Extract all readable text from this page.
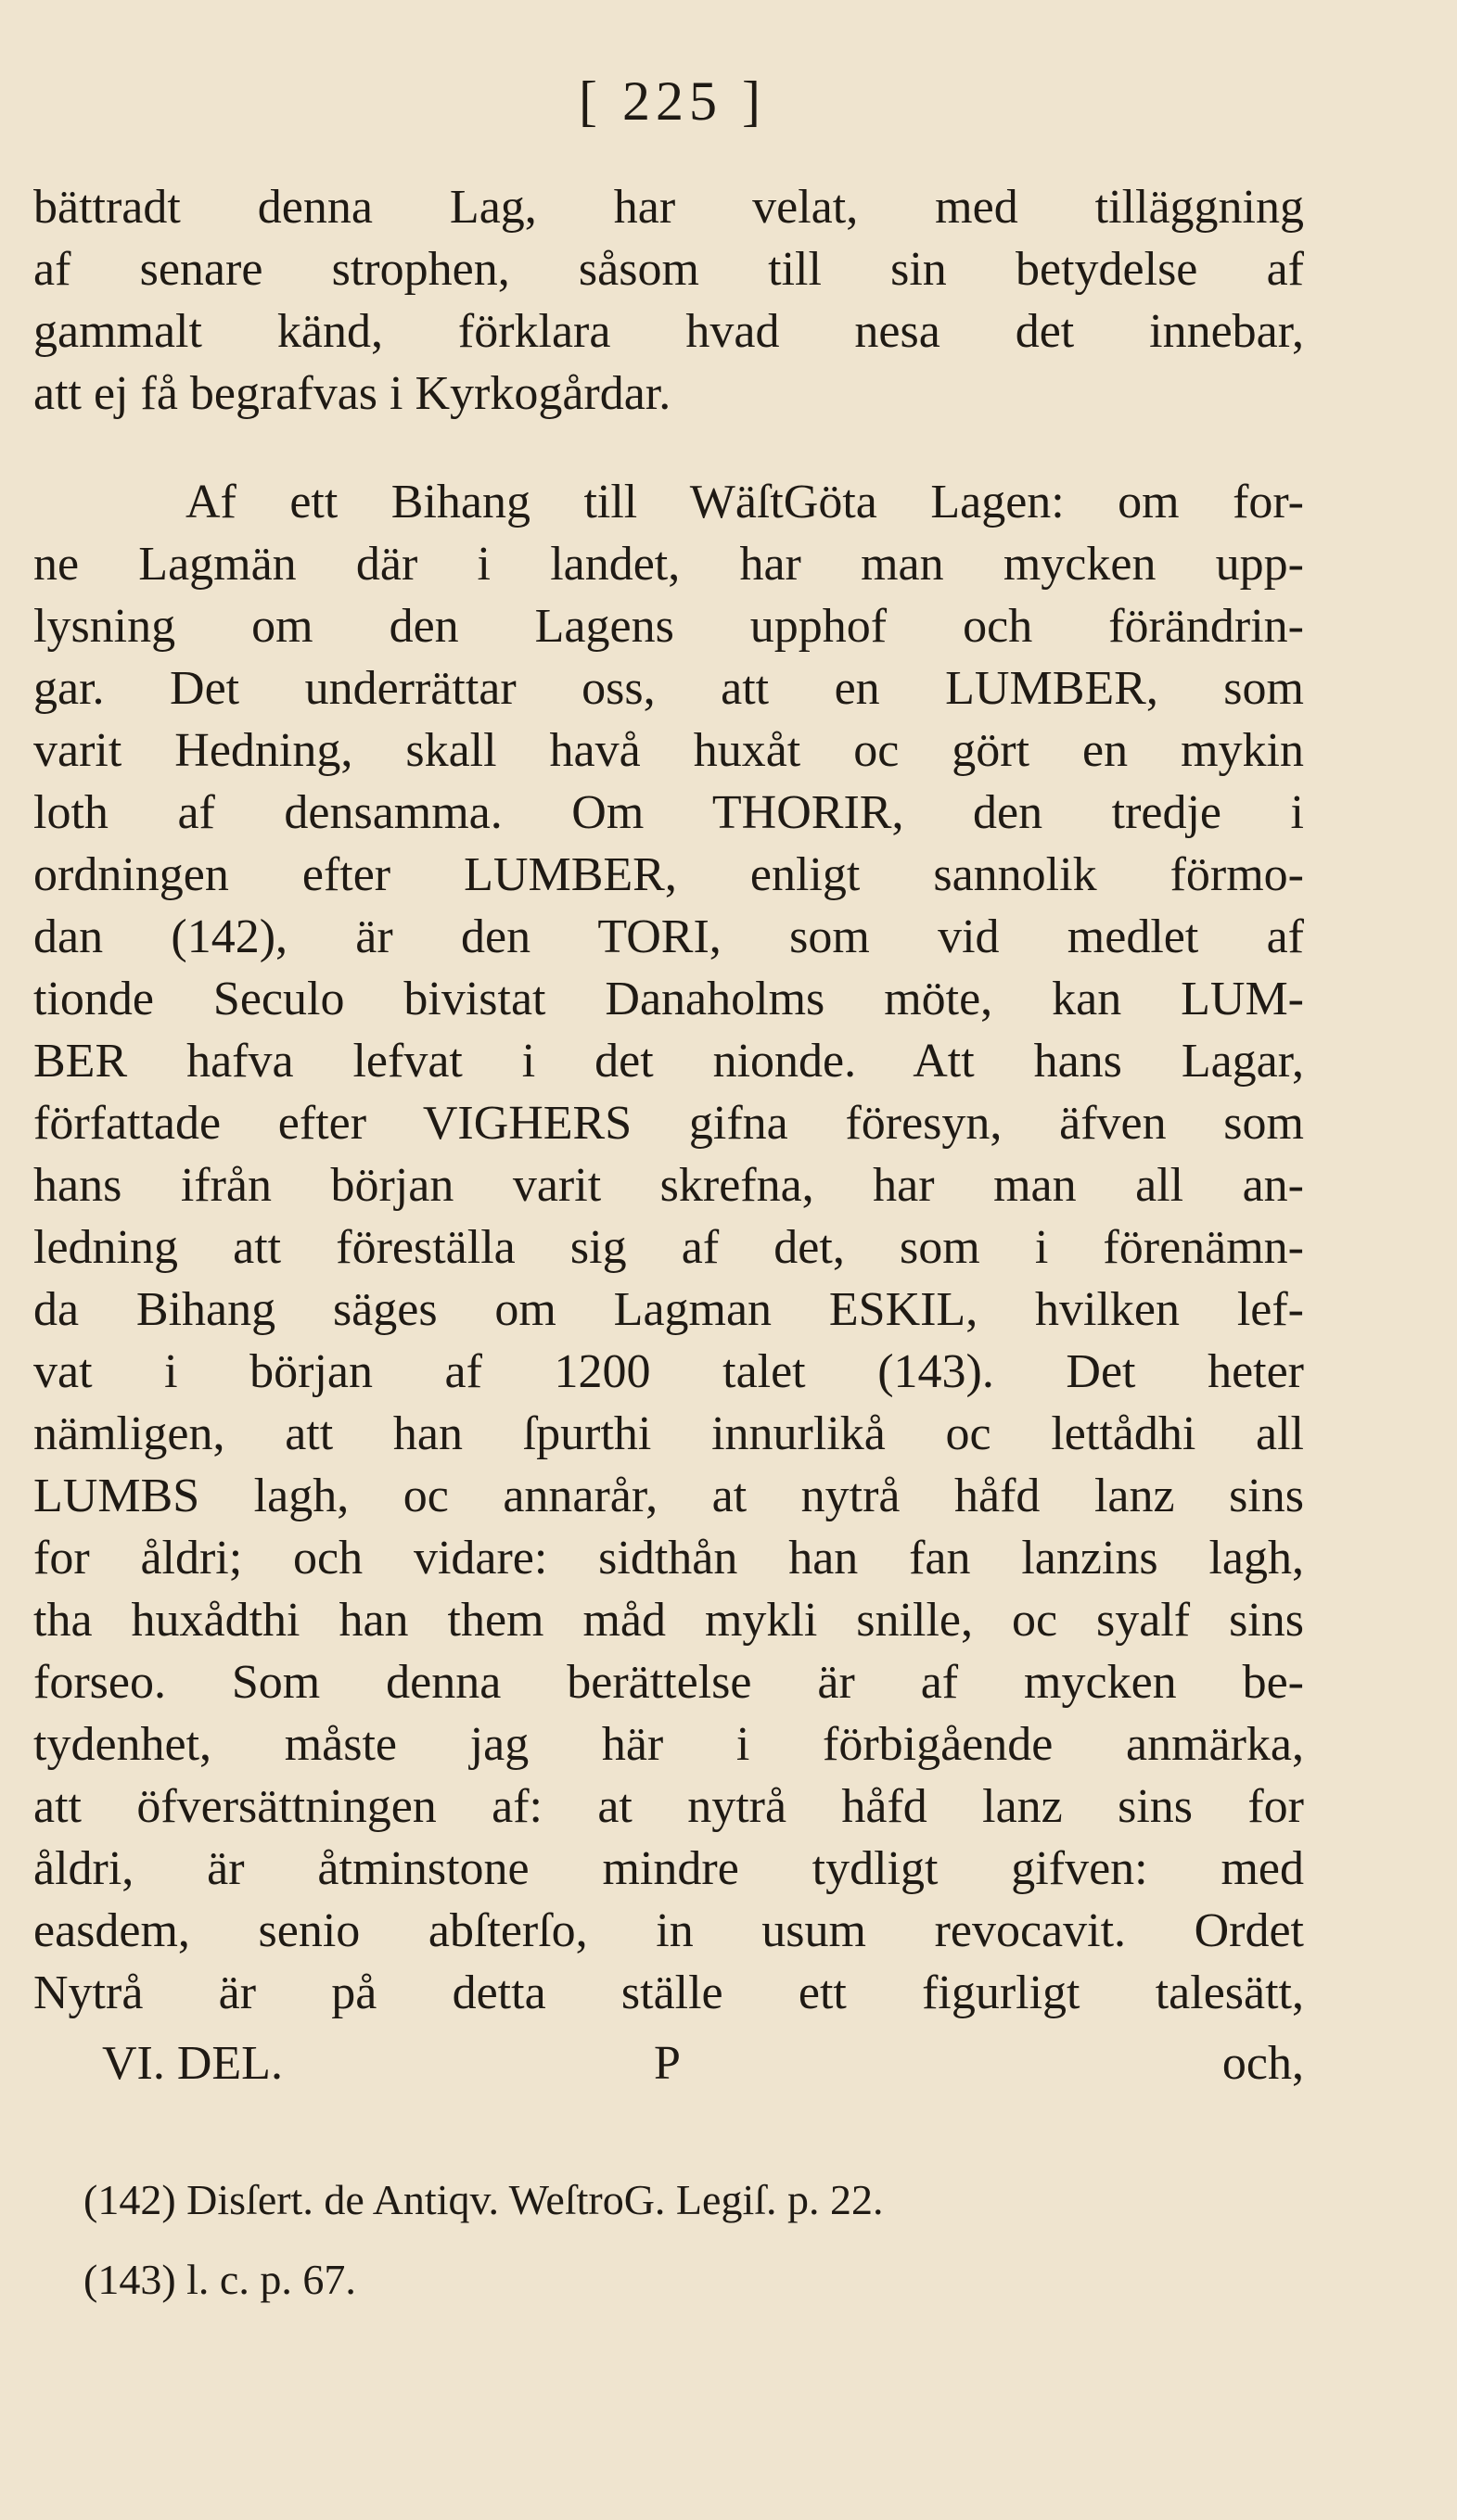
[ 225 ]

bättradt denna Lag, har velat, med tilläggning
af senare strophen, såsom till sin betydelse af
gammalt känd, förklara hvad nesa det innebar,
att ej få begrafvas i Kyrkogårdar.

Af ett Bihang till WäſtGöta Lagen: om for-
ne Lagmän där i landet, har man mycken upp-
lysning om den Lagens upphof och förändrin-
gar. Det underrättar oss, att en LUMBER, som
varit Hedning, skall havå huxåt oc gört en mykin
loth af densamma. Om THORIR, den tredje i
ordningen efter LUMBER, enligt sannolik förmo-
dan (142), är den TORI, som vid medlet af
tionde Seculo bivistat Danaholms möte, kan LUM-
BER hafva lefvat i det nionde. Att hans Lagar,
författade efter VIGHERS gifna föresyn, äfven som
hans ifrån början varit skrefna, har man all an-
ledning att föreställa sig af det, som i förenämn-
da Bihang säges om Lagman ESKIL, hvilken lef-
vat i början af 1200 talet (143). Det heter
nämligen, att han ſpurthi innurlikå oc lettådhi all
LUMBS lagh, oc annarår, at nytrå håfd lanz sins
for åldri; och vidare: sidthån han fan lanzins lagh,
tha huxådthi han them måd mykli snille, oc syalf sins
forseo. Som denna berättelse är af mycken be-
tydenhet, måste jag här i förbigående anmärka,
att öfversättningen af: at nytrå håfd lanz sins for
åldri, är åtminstone mindre tydligt gifven: med
easdem, senio abſterſo, in usum revocavit. Ordet
Nytrå är på detta ställe ett figurligt talesätt,

VI. DEL.	P	och,
(142) Disſert. de Antiqv. WeſtroG. Legiſ. p. 22.
(143) l. c. p. 67.
